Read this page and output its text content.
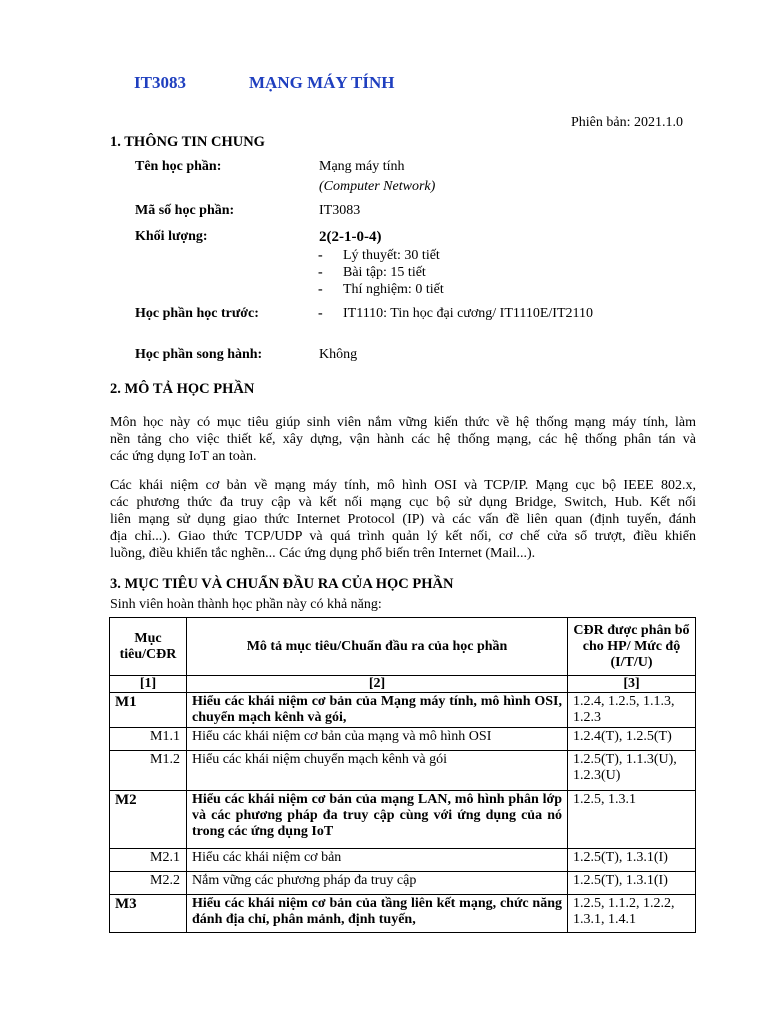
IT3083	MẠNG MÁY TÍNH
Phiên bản: 2021.1.0
1. THÔNG TIN CHUNG
Tên học phần:	Mạng máy tính
(Computer Network)
Mã số học phần:	IT3083
Khối lượng:	2(2-1-0-4)
- Lý thuyết: 30 tiết
- Bài tập: 15 tiết
- Thí nghiệm: 0 tiết
Học phần học trước:	- IT1110: Tin học đại cương/ IT1110E/IT2110
Học phần song hành:	Không
2. MÔ TẢ HỌC PHẦN
Môn học này có mục tiêu giúp sinh viên nắm vững kiến thức về hệ thống mạng máy tính, làm
nền tảng cho việc thiết kế, xây dựng, vận hành các hệ thống mạng, các hệ thống phân tán và
các ứng dụng IoT an toàn.
Các khái niệm cơ bản về mạng máy tính, mô hình OSI và TCP/IP. Mạng cục bộ IEEE 802.x,
các phương thức đa truy cập và kết nối mạng cục bộ sử dụng Bridge, Switch, Hub. Kết nối
liên mạng sử dụng giao thức Internet Protocol (IP) và các vấn đề liên quan (định tuyến, đánh
địa chỉ...). Giao thức TCP/UDP và quá trình quản lý kết nối, cơ chế cửa sổ trượt, điều khiển
luồng, điều khiển tắc nghẽn... Các ứng dụng phổ biến trên Internet (Mail...).
3. MỤC TIÊU VÀ CHUẨN ĐẦU RA CỦA HỌC PHẦN
Sinh viên hoàn thành học phần này có khả năng:
Mục tiêu/CĐR	Mô tả mục tiêu/Chuẩn đầu ra của học phần	CĐR được phân bổ cho HP/ Mức độ (I/T/U)
[1]	[2]	[3]
M1	Hiểu các khái niệm cơ bản của Mạng máy tính, mô hình OSI, chuyển mạch kênh và gói,	1.2.4, 1.2.5, 1.1.3, 1.2.3
M1.1	Hiểu các khái niệm cơ bản của mạng và mô hình OSI	1.2.4(T), 1.2.5(T)
M1.2	Hiểu các khái niệm chuyển mạch kênh và gói	1.2.5(T), 1.1.3(U), 1.2.3(U)
M2	Hiểu các khái niệm cơ bản của mạng LAN, mô hình phân lớp và các phương pháp đa truy cập cùng với ứng dụng của nó trong các ứng dụng IoT	1.2.5, 1.3.1
M2.1	Hiểu các khái niệm cơ bản	1.2.5(T), 1.3.1(I)
M2.2	Nắm vững các phương pháp đa truy cập	1.2.5(T), 1.3.1(I)
M3	Hiểu các khái niệm cơ bản của tầng liên kết mạng, chức năng đánh địa chỉ, phân mảnh, định tuyến,	1.2.5, 1.1.2, 1.2.2, 1.3.1, 1.4.1
